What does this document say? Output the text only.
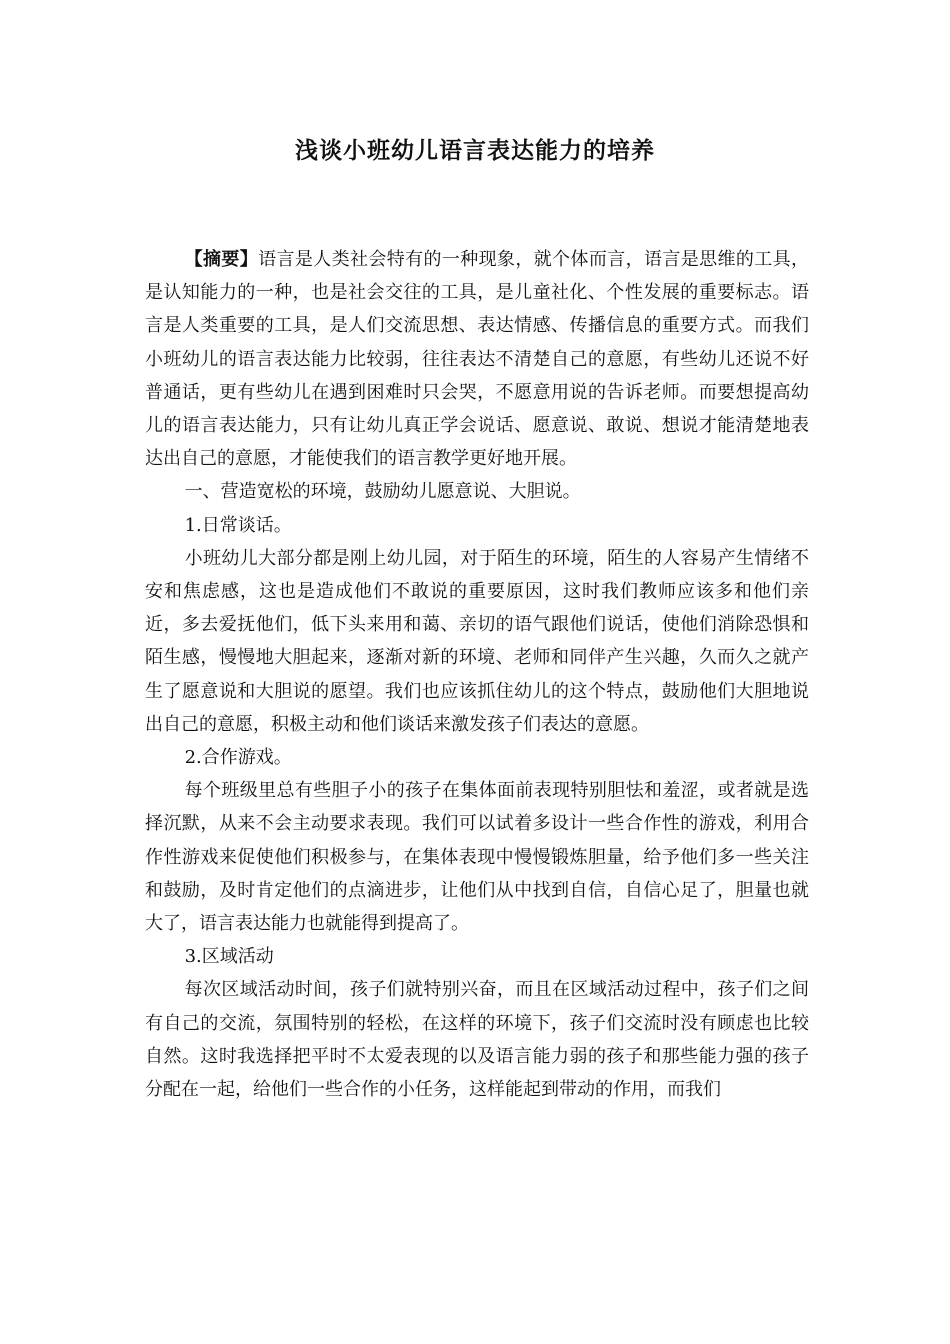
浅谈小班幼儿语言表达能力的培养

【摘要】语言是人类社会特有的一种现象，就个体而言，语言是思维的工具，是认知能力的一种，也是社会交往的工具，是儿童社化、个性发展的重要标志。语言是人类重要的工具，是人们交流思想、表达情感、传播信息的重要方式。而我们小班幼儿的语言表达能力比较弱，往往表达不清楚自己的意愿，有些幼儿还说不好普通话，更有些幼儿在遇到困难时只会哭，不愿意用说的告诉老师。而要想提高幼儿的语言表达能力，只有让幼儿真正学会说话、愿意说、敢说、想说才能清楚地表达出自己的意愿，才能使我们的语言教学更好地开展。

一、营造宽松的环境，鼓励幼儿愿意说、大胆说。

1.日常谈话。

小班幼儿大部分都是刚上幼儿园，对于陌生的环境，陌生的人容易产生情绪不安和焦虑感，这也是造成他们不敢说的重要原因，这时我们教师应该多和他们亲近，多去爱抚他们，低下头来用和蔼、亲切的语气跟他们说话，使他们消除恐惧和陌生感，慢慢地大胆起来，逐渐对新的环境、老师和同伴产生兴趣，久而久之就产生了愿意说和大胆说的愿望。我们也应该抓住幼儿的这个特点，鼓励他们大胆地说出自己的意愿，积极主动和他们谈话来激发孩子们表达的意愿。

2.合作游戏。

每个班级里总有些胆子小的孩子在集体面前表现特别胆怯和羞涩，或者就是选择沉默，从来不会主动要求表现。我们可以试着多设计一些合作性的游戏，利用合作性游戏来促使他们积极参与，在集体表现中慢慢锻炼胆量，给予他们多一些关注和鼓励，及时肯定他们的点滴进步，让他们从中找到自信，自信心足了，胆量也就大了，语言表达能力也就能得到提高了。

3.区域活动

每次区域活动时间，孩子们就特别兴奋，而且在区域活动过程中，孩子们之间有自己的交流，氛围特别的轻松，在这样的环境下，孩子们交流时没有顾虑也比较自然。这时我选择把平时不太爱表现的以及语言能力弱的孩子和那些能力强的孩子分配在一起，给他们一些合作的小任务，这样能起到带动的作用，而我们
